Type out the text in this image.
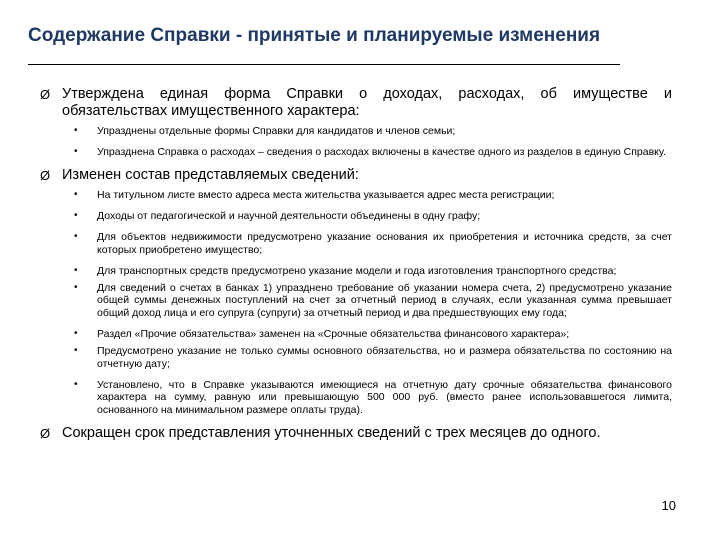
Содержание Справки - принятые и планируемые изменения
Ø Утверждена единая форма Справки о доходах, расходах, об имуществе и обязательствах имущественного характера:
• Упразднены отдельные формы Справки для кандидатов и членов семьи;
• Упразднена Справка о расходах – сведения о расходах включены в качестве одного из разделов в единую Справку.
Ø Изменен состав представляемых сведений:
• На титульном листе вместо адреса места жительства указывается адрес места регистрации;
• Доходы от педагогической и научной деятельности объединены в одну графу;
• Для объектов недвижимости предусмотрено указание основания их приобретения и источника средств, за счет которых приобретено имущество;
• Для транспортных средств предусмотрено указание модели и года изготовления транспортного средства;
• Для сведений о счетах в банках 1) упразднено требование об указании номера счета, 2) предусмотрено указание общей суммы денежных поступлений на счет за отчетный период в случаях, если указанная сумма превышает общий доход лица и его супруга (супруги) за отчетный период и два предшествующих ему года;
• Раздел «Прочие обязательства» заменен на «Срочные обязательства финансового характера»;
• Предусмотрено указание не только суммы основного обязательства, но и размера обязательства по состоянию на отчетную дату;
• Установлено, что в Справке указываются имеющиеся на отчетную дату срочные обязательства финансового характера на сумму, равную или превышающую 500 000 руб. (вместо ранее использовавшегося лимита, основанного на минимальном размере оплаты труда).
Ø Сокращен срок представления уточненных сведений с трех месяцев до одного.
10
